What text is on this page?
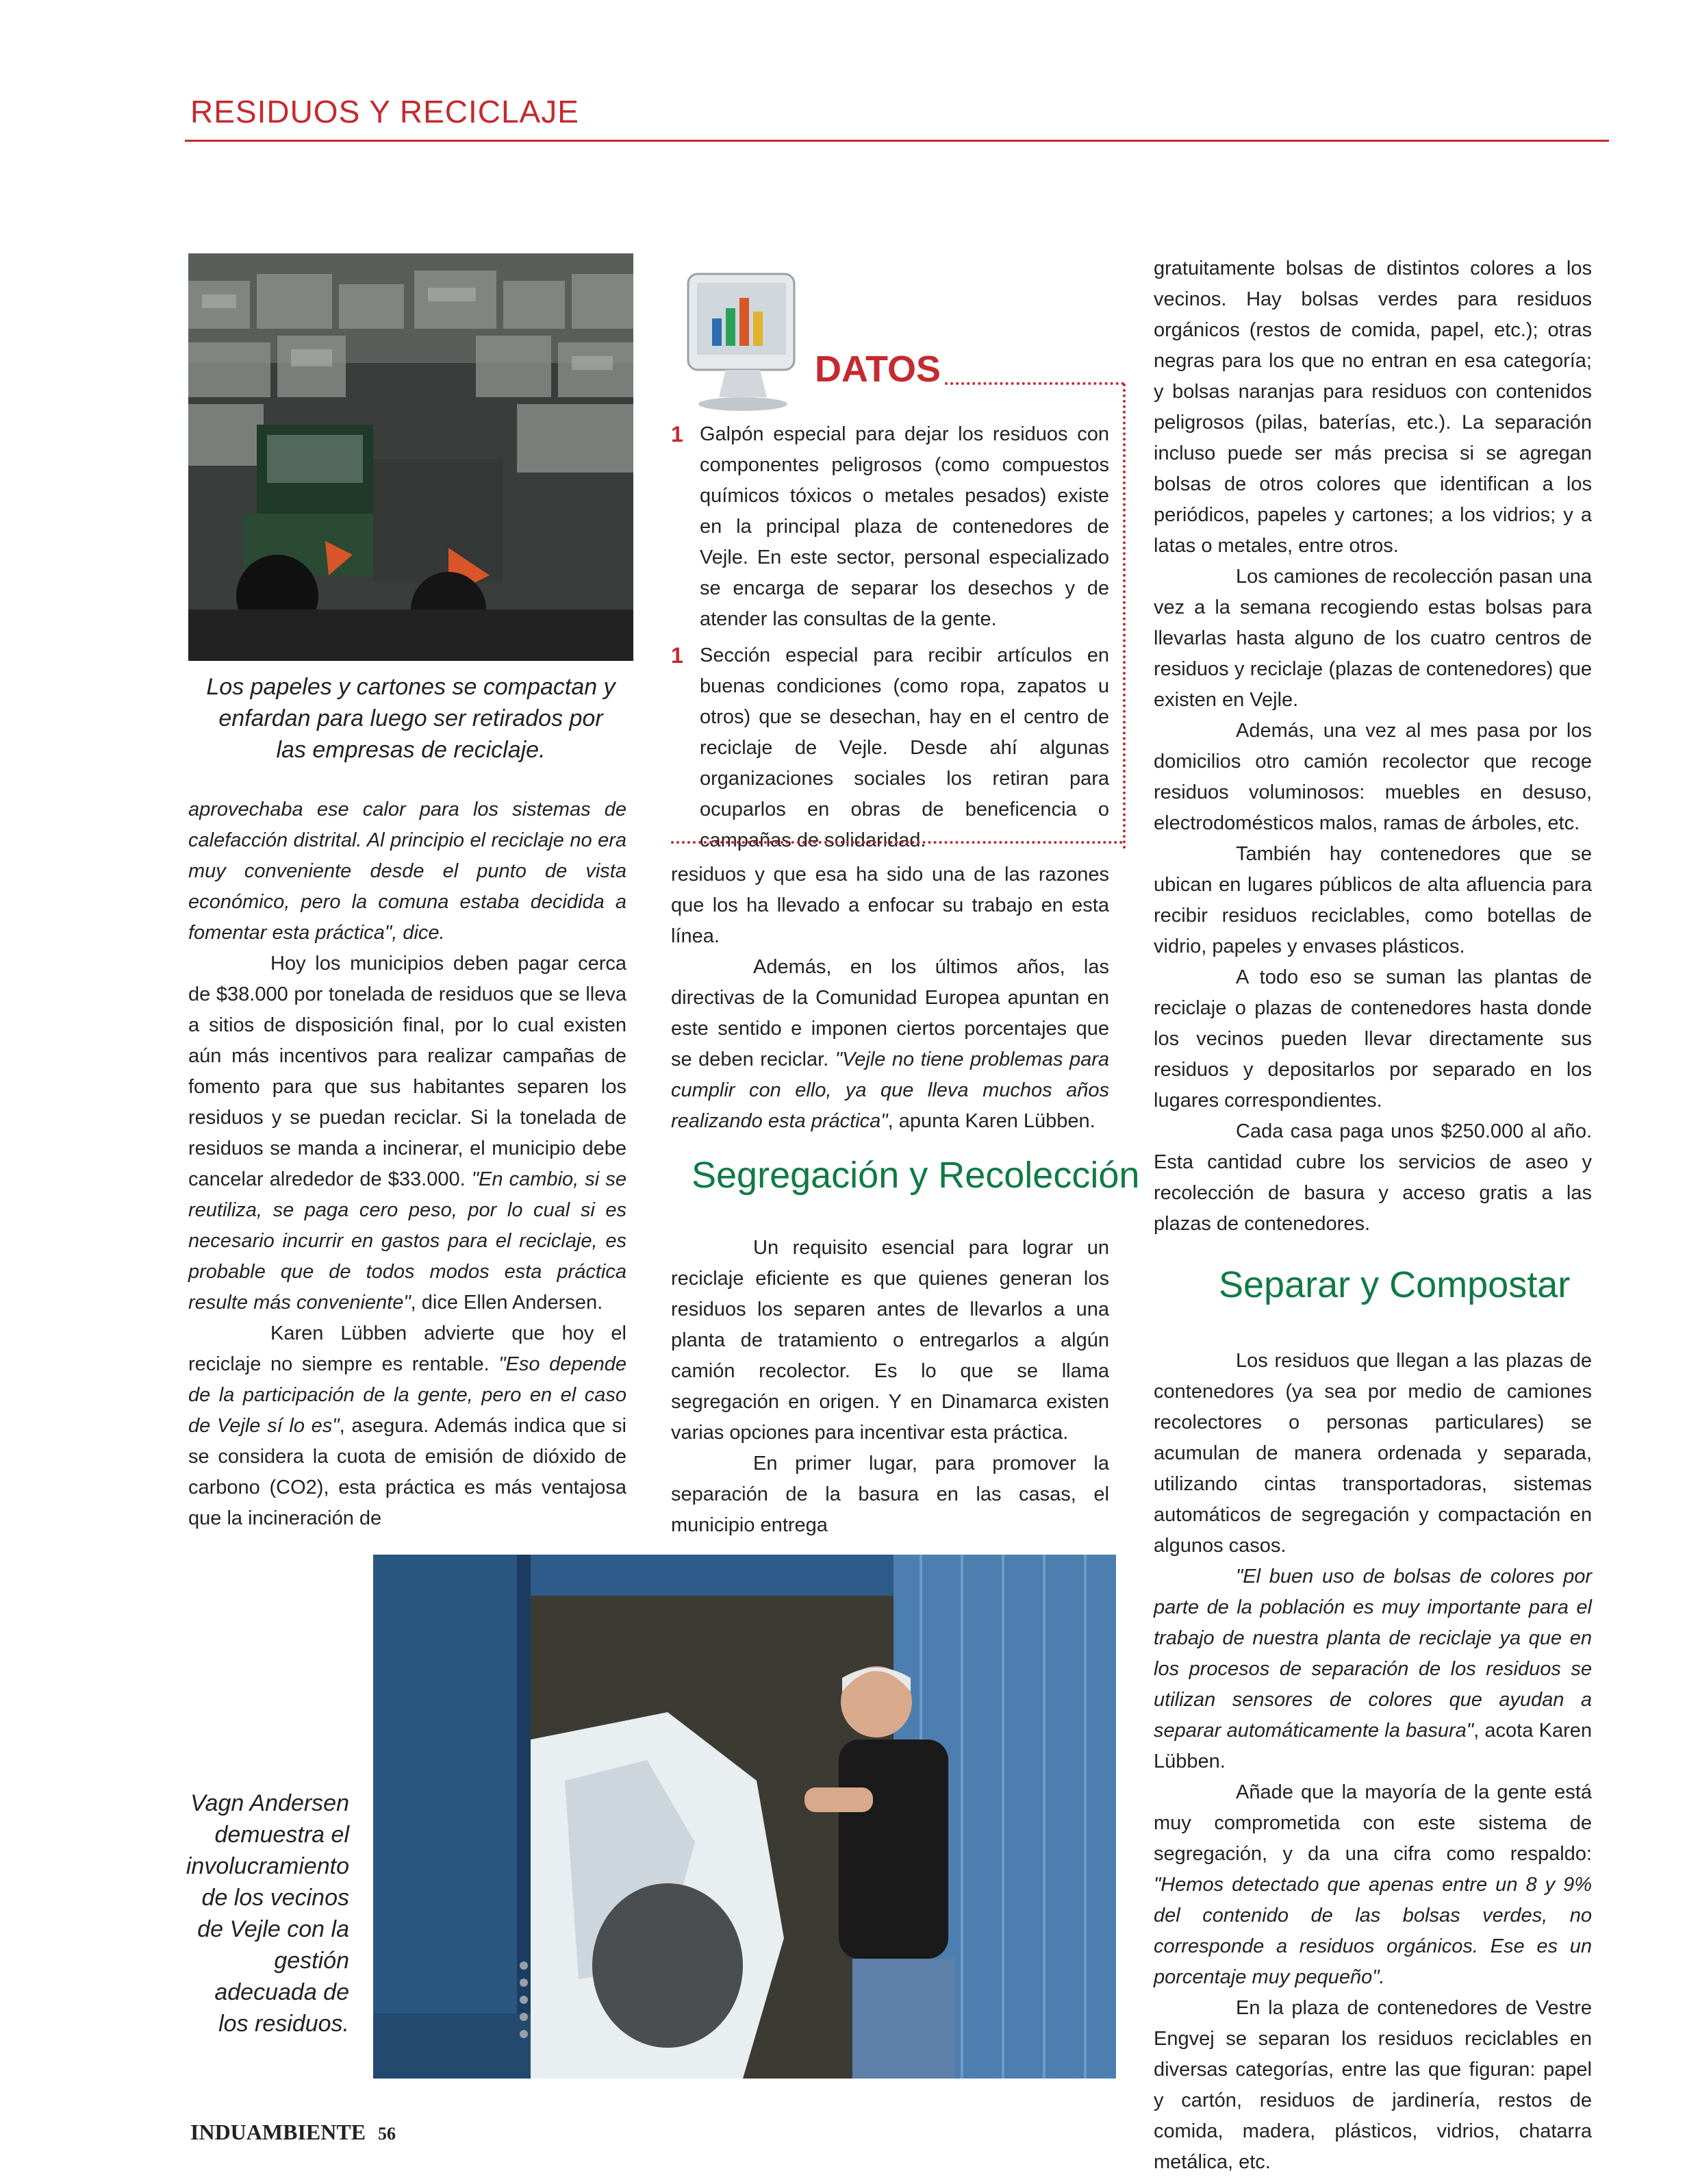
RESIDUOS Y RECICLAJE
Los papeles y cartones se compactan y enfardan para luego ser retirados por las empresas de reciclaje.

aprovechaba ese calor para los sistemas de calefacción distrital. Al principio el reciclaje no era muy conveniente desde el punto de vista económico, pero la comuna estaba decidida a fomentar esta práctica", dice.

Hoy los municipios deben pagar cerca de $38.000 por tonelada de residuos que se lleva a sitios de disposición final, por lo cual existen aún más incentivos para realizar campañas de fomento para que sus habitantes separen los residuos y se puedan reciclar. Si la tonelada de residuos se manda a incinerar, el municipio debe cancelar alrededor de $33.000. "En cambio, si se reutiliza, se paga cero peso, por lo cual si es necesario incurrir en gastos para el reciclaje, es probable que de todos modos esta práctica resulte más conveniente", dice Ellen Andersen.

Karen Lübben advierte que hoy el reciclaje no siempre es rentable. "Eso depende de la participación de la gente, pero en el caso de Vejle sí lo es", asegura. Además indica que si se considera la cuota de emisión de dióxido de carbono (CO2), esta práctica es más ventajosa que la incineración de

DATOS
1 Galpón especial para dejar los residuos con componentes peligrosos (como compuestos químicos tóxicos o metales pesados) existe en la principal plaza de contenedores de Vejle. En este sector, personal especializado se encarga de separar los desechos y de atender las consultas de la gente.
1 Sección especial para recibir artículos en buenas condiciones (como ropa, zapatos u otros) que se desechan, hay en el centro de reciclaje de Vejle. Desde ahí algunas organizaciones sociales los retiran para ocuparlos en obras de beneficencia o campañas de solidaridad.

residuos y que esa ha sido una de las razones que los ha llevado a enfocar su trabajo en esta línea.

Además, en los últimos años, las directivas de la Comunidad Europea apuntan en este sentido e imponen ciertos porcentajes que se deben reciclar. "Vejle no tiene problemas para cumplir con ello, ya que lleva muchos años realizando esta práctica", apunta Karen Lübben.

Segregación y Recolección

Un requisito esencial para lograr un reciclaje eficiente es que quienes generan los residuos los separen antes de llevarlos a una planta de tratamiento o entregarlos a algún camión recolector. Es lo que se llama segregación en origen. Y en Dinamarca existen varias opciones para incentivar esta práctica.

En primer lugar, para promover la separación de la basura en las casas, el municipio entrega

gratuitamente bolsas de distintos colores a los vecinos. Hay bolsas verdes para residuos orgánicos (restos de comida, papel, etc.); otras negras para los que no entran en esa categoría; y bolsas naranjas para residuos con contenidos peligrosos (pilas, baterías, etc.). La separación incluso puede ser más precisa si se agregan bolsas de otros colores que identifican a los periódicos, papeles y cartones; a los vidrios; y a latas o metales, entre otros.

Los camiones de recolección pasan una vez a la semana recogiendo estas bolsas para llevarlas hasta alguno de los cuatro centros de residuos y reciclaje (plazas de contenedores) que existen en Vejle.

Además, una vez al mes pasa por los domicilios otro camión recolector que recoge residuos voluminosos: muebles en desuso, electrodomésticos malos, ramas de árboles, etc.

También hay contenedores que se ubican en lugares públicos de alta afluencia para recibir residuos reciclables, como botellas de vidrio, papeles y envases plásticos.

A todo eso se suman las plantas de reciclaje o plazas de contenedores hasta donde los vecinos pueden llevar directamente sus residuos y depositarlos por separado en los lugares correspondientes.

Cada casa paga unos $250.000 al año. Esta cantidad cubre los servicios de aseo y recolección de basura y acceso gratis a las plazas de contenedores.

Separar y Compostar

Los residuos que llegan a las plazas de contenedores (ya sea por medio de camiones recolectores o personas particulares) se acumulan de manera ordenada y separada, utilizando cintas transportadoras, sistemas automáticos de segregación y compactación en algunos casos.

"El buen uso de bolsas de colores por parte de la población es muy importante para el trabajo de nuestra planta de reciclaje ya que en los procesos de separación de los residuos se utilizan sensores de colores que ayudan a separar automáticamente la basura", acota Karen Lübben.

Añade que la mayoría de la gente está muy comprometida con este sistema de segregación, y da una cifra como respaldo: "Hemos detectado que apenas entre un 8 y 9% del contenido de las bolsas verdes, no corresponde a residuos orgánicos. Ese es un porcentaje muy pequeño".

En la plaza de contenedores de Vestre Engvej se separan los residuos reciclables en diversas categorías, entre las que figuran: papel y cartón, residuos de jardinería, restos de comida, madera, plásticos, vidrios, chatarra metálica, etc.

Vagn Andersen demuestra el involucramiento de los vecinos de Vejle con la gestión adecuada de los residuos.
INDUAMBIENTE 56
